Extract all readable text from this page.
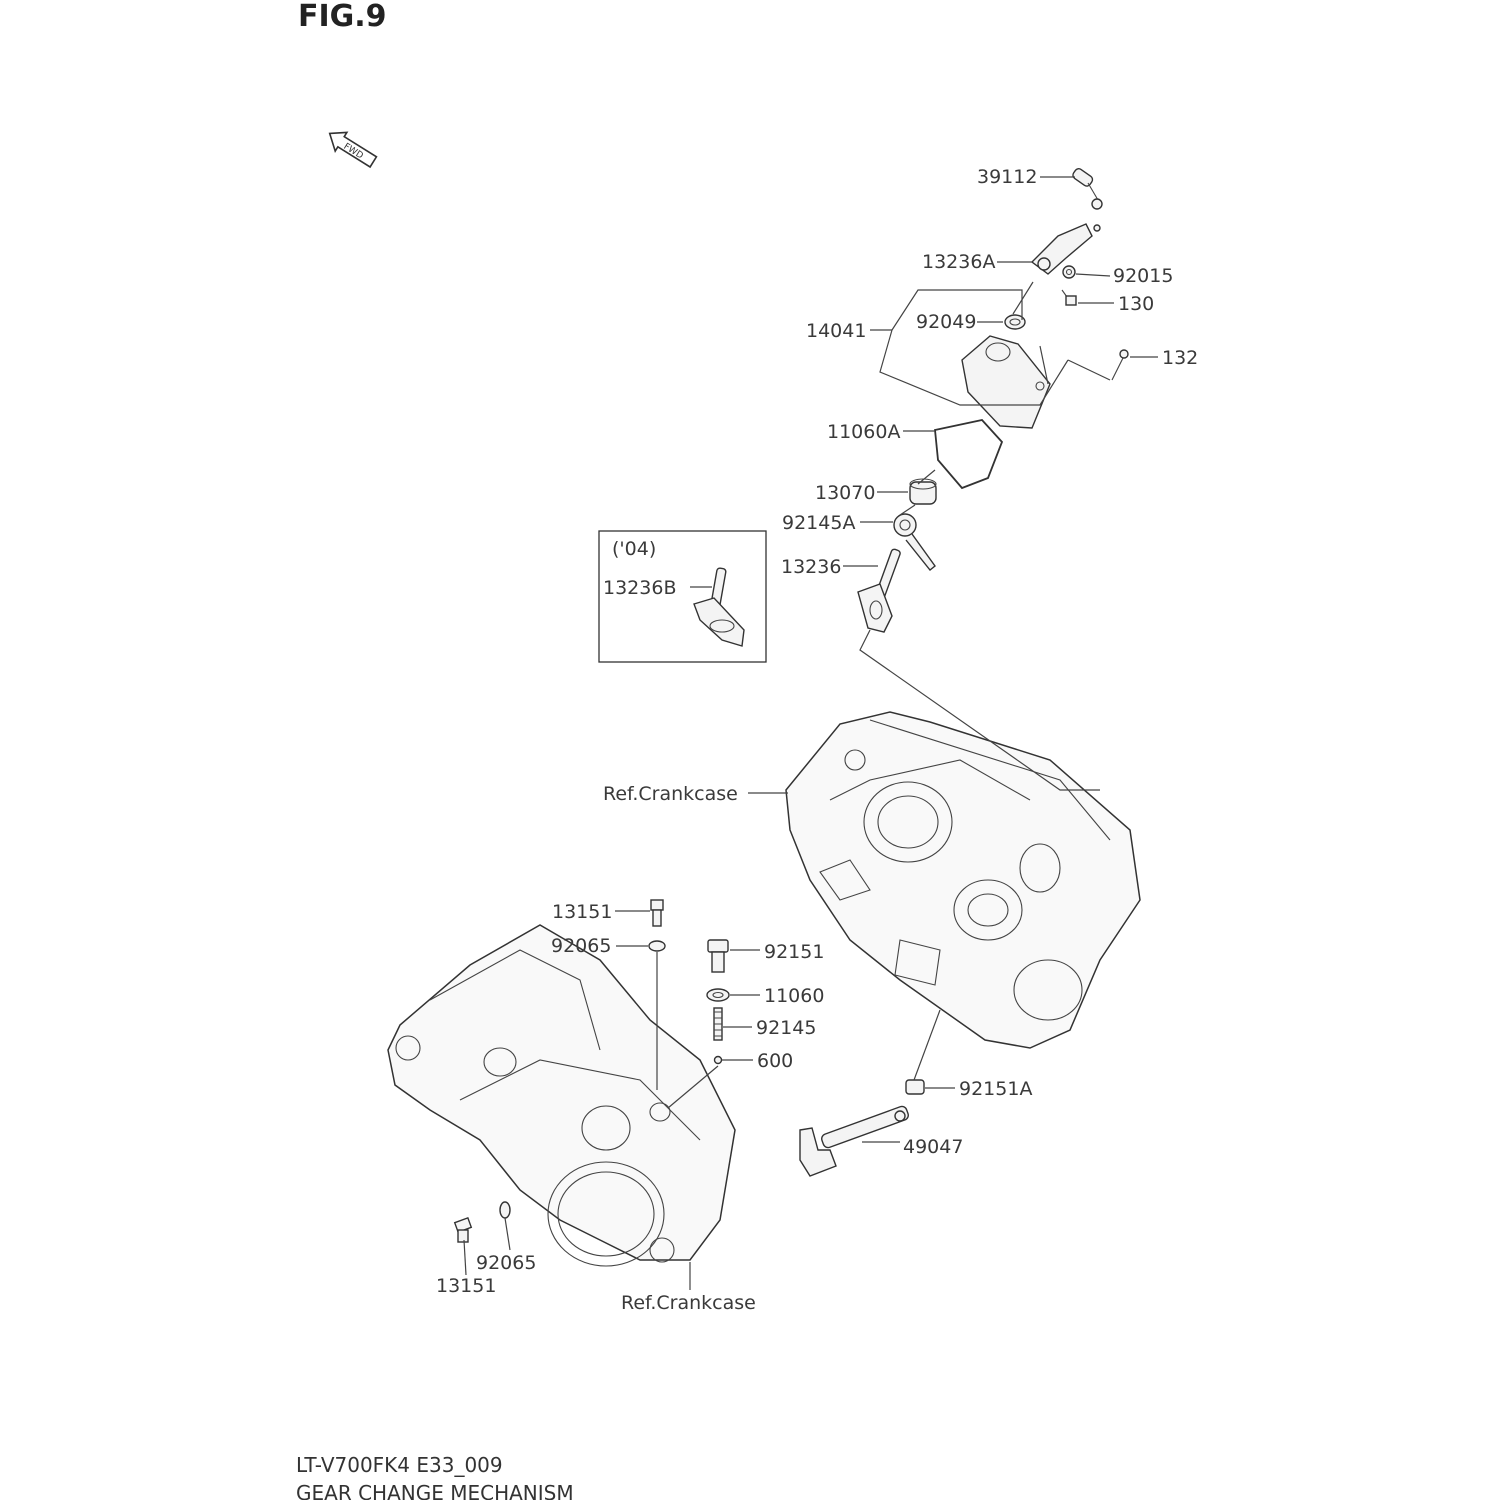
FIG.9
FWD
('04)
39112
13236A
92015
130
14041	92049
132
11060A
13070
92145A
13236
13236B
Ref.Crankcase
13151
92065	92151
11060
92145
600
92151A
49047
92065
13151
Ref.Crankcase
LT-V700FK4 E33_009
GEAR CHANGE MECHANISM
